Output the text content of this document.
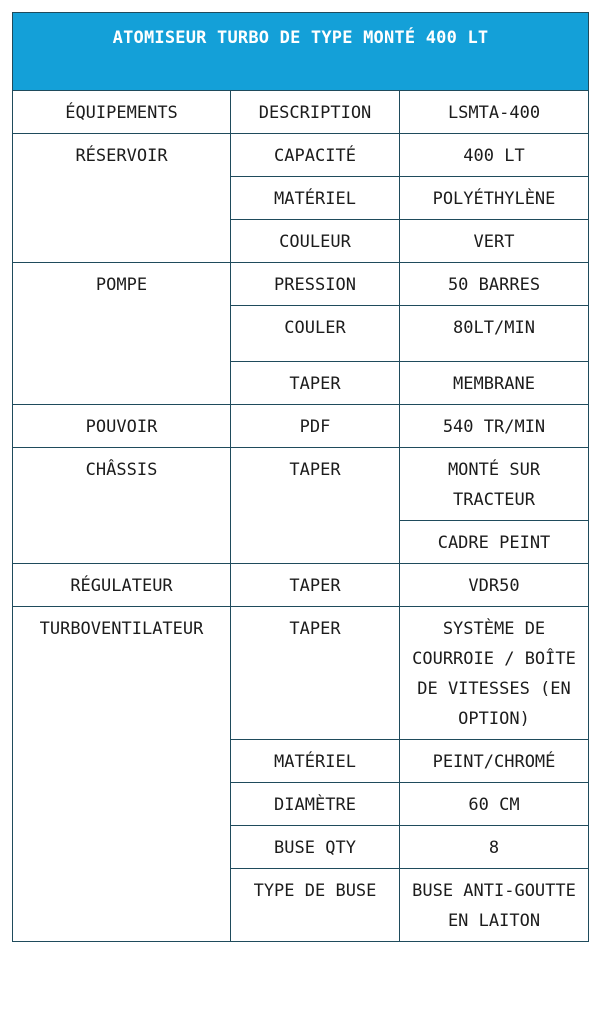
ATOMISEUR TURBO DE TYPE MONTÉ 400 LT		
ÉQUIPEMENTS	DESCRIPTION	LSMTA-400
RÉSERVOIR	CAPACITÉ	400 LT
	MATÉRIEL	POLYÉTHYLÈNE
	COULEUR	VERT
POMPE	PRESSION	50 BARRES
	COULER	80LT/MIN
	TAPER	MEMBRANE
POUVOIR	PDF	540 TR/MIN
CHÂSSIS	TAPER	MONTÉ SUR TRACTEUR
		CADRE PEINT
RÉGULATEUR	TAPER	VDR50
TURBOVENTILATEUR	TAPER	SYSTÈME DE COURROIE / BOÎTE DE VITESSES (EN OPTION)
	MATÉRIEL	PEINT/CHROMÉ
	DIAMÈTRE	60 CM
	BUSE QTY	8
	TYPE DE BUSE	BUSE ANTI-GOUTTE EN LAITON
